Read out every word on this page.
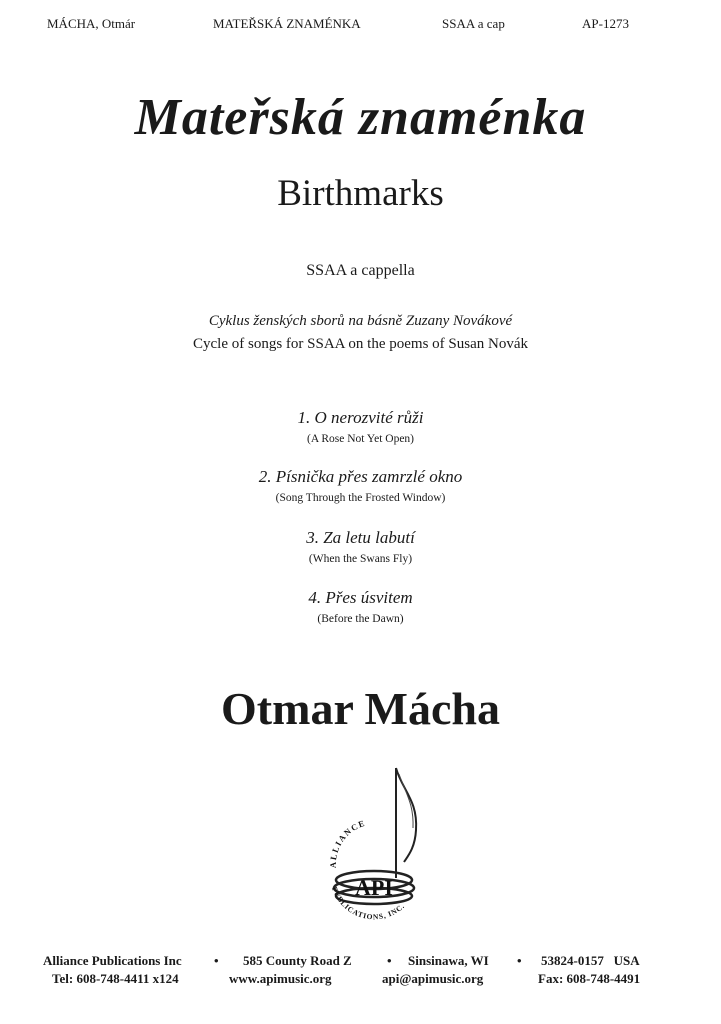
MÁCHA, Otmár	MATEŘSKÁ ZNAMÉNKA	SSAA a cap	AP-1273
Mateřská znaménka
Birthmarks
SSAA a cappella
Cyklus ženských sborů na básně Zuzany Novákové
Cycle of songs for SSAA on the poems of Susan Novák
1. O nerozvité růži
(A Rose Not Yet Open)
2. Písnička přes zamrzlé okno
(Song Through the Frosted Window)
3. Za letu labutí
(When the Swans Fly)
4. Přes úsvitem
(Before the Dawn)
Otmar Mácha
API
ALLIANCE
PUBLICATIONS, INC.
Alliance Publications Inc • 585 County Road Z	• Sinsinawa, WI • 53824-0157   USA
Tel: 608-748-4411 x124	www.apimusic.org	api@apimusic.org	Fax: 608-748-4491
